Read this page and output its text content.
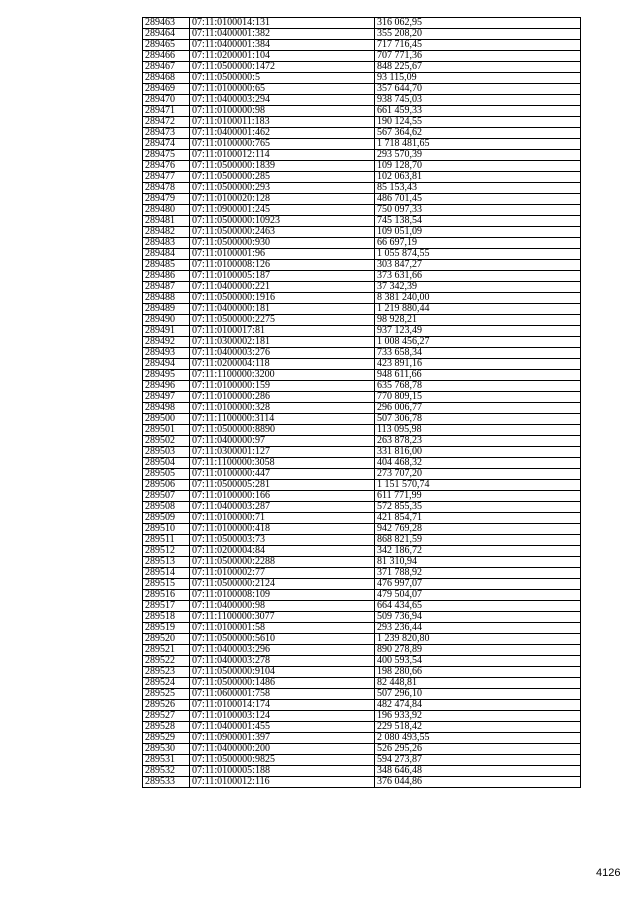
289463	07:11:0100014:131	316 062,95
289464	07:11:0400001:382	355 208,20
289465	07:11:0400001:384	717 716,45
289466	07:11:0200001:104	707 771,36
289467	07:11:0500000:1472	848 225,67
289468	07:11:0500000:5	93 115,09
289469	07:11:0100000:65	357 644,70
289470	07:11:0400003:294	938 745,03
289471	07:11:0100000:98	661 459,33
289472	07:11:0100011:183	190 124,55
289473	07:11:0400001:462	567 364,62
289474	07:11:0100000:765	1 718 481,65
289475	07:11:0100012:114	293 570,39
289476	07:11:0500000:1839	109 128,70
289477	07:11:0500000:285	102 063,81
289478	07:11:0500000:293	85 153,43
289479	07:11:0100020:128	486 701,45
289480	07:11:0900001:245	750 097,33
289481	07:11:0500000:10923	745 138,54
289482	07:11:0500000:2463	109 051,09
289483	07:11:0500000:930	66 697,19
289484	07:11:0100001:96	1 055 874,55
289485	07:11:0100008:126	303 847,27
289486	07:11:0100005:187	373 631,66
289487	07:11:0400000:221	37 342,39
289488	07:11:0500000:1916	8 381 240,00
289489	07:11:0400000:181	1 219 880,44
289490	07:11:0500000:2275	98 928,21
289491	07:11:0100017:81	937 123,49
289492	07:11:0300002:181	1 008 456,27
289493	07:11:0400003:276	733 658,34
289494	07:11:0200004:118	423 891,16
289495	07:11:1100000:3200	948 611,66
289496	07:11:0100000:159	635 768,78
289497	07:11:0100000:286	770 809,15
289498	07:11:0100000:328	296 006,77
289500	07:11:1100000:3114	507 306,78
289501	07:11:0500000:8890	113 095,98
289502	07:11:0400000:97	263 878,23
289503	07:11:0300001:127	331 816,00
289504	07:11:1100000:3058	404 468,32
289505	07:11:0100000:447	273 707,20
289506	07:11:0500005:281	1 151 570,74
289507	07:11:0100000:166	611 771,99
289508	07:11:0400003:287	572 855,35
289509	07:11:0100000:71	421 854,71
289510	07:11:0100000:418	942 769,28
289511	07:11:0500003:73	868 821,59
289512	07:11:0200004:84	342 186,72
289513	07:11:0500000:2288	81 310,94
289514	07:11:0100002:77	371 788,92
289515	07:11:0500000:2124	476 997,07
289516	07:11:0100008:109	479 504,07
289517	07:11:0400000:98	664 434,65
289518	07:11:1100000:3077	509 736,94
289519	07:11:0100001:58	293 236,44
289520	07:11:0500000:5610	1 239 820,80
289521	07:11:0400003:296	890 278,89
289522	07:11:0400003:278	400 593,54
289523	07:11:0500000:9104	198 280,66
289524	07:11:0500000:1486	82 448,81
289525	07:11:0600001:758	507 296,10
289526	07:11:0100014:174	482 474,84
289527	07:11:0100003:124	196 933,92
289528	07:11:0400001:455	229 518,42
289529	07:11:0900001:397	2 080 493,55
289530	07:11:0400000:200	526 295,26
289531	07:11:0500000:9825	594 273,87
289532	07:11:0100005:188	348 646,48
289533	07:11:0100012:116	376 044,86
4126
